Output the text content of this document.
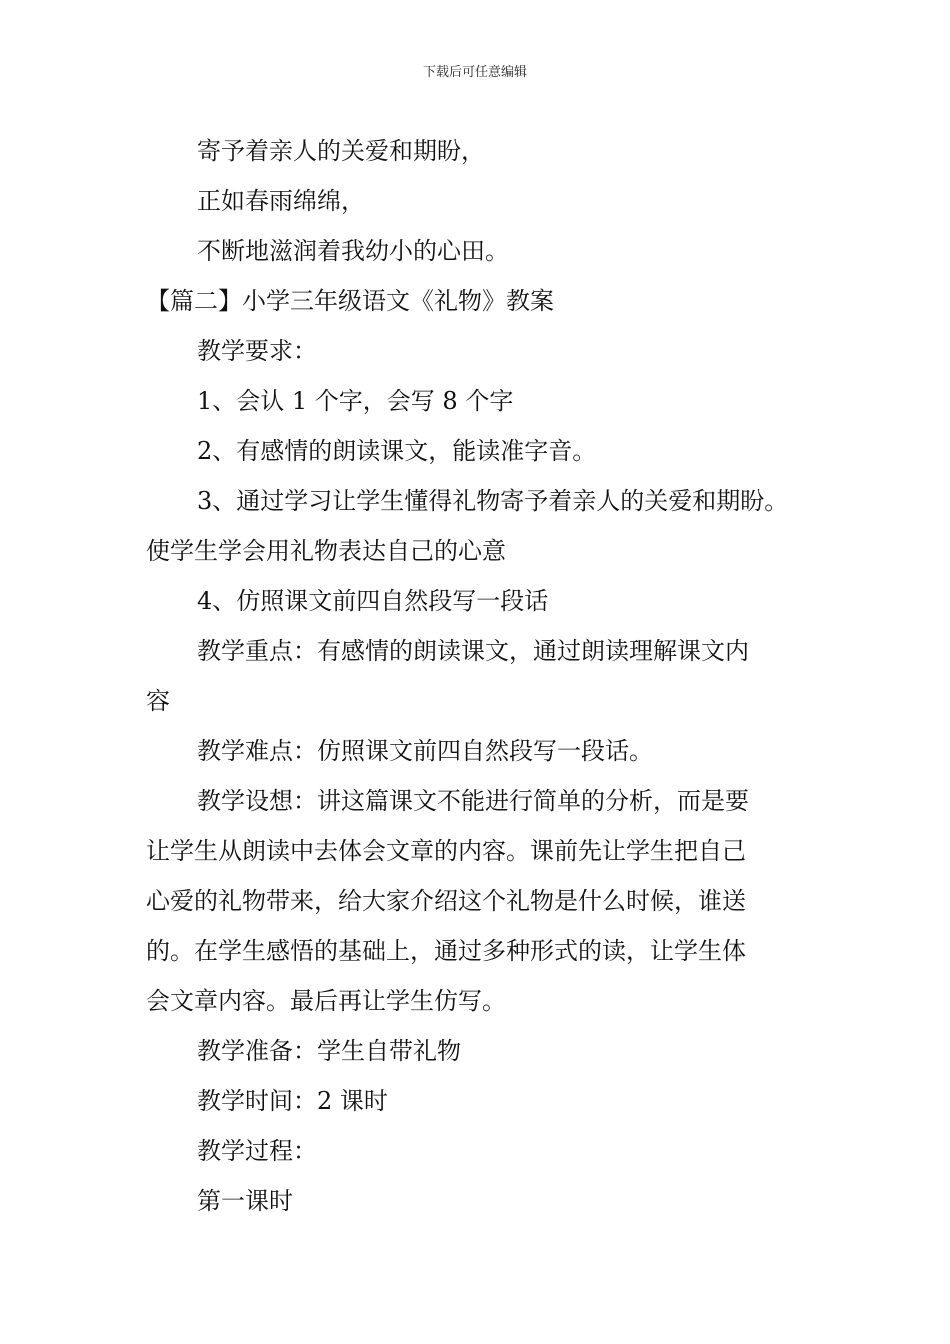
下载后可任意编辑
寄予着亲人的关爱和期盼，
正如春雨绵绵，
不断地滋润着我幼小的心田。
【篇二】小学三年级语文《礼物》教案
教学要求：
1、会认 1 个字，会写 8 个字
2、有感情的朗读课文，能读准字音。
3、通过学习让学生懂得礼物寄予着亲人的关爱和期盼。
使学生学会用礼物表达自己的心意
4、仿照课文前四自然段写一段话
教学重点：有感情的朗读课文，通过朗读理解课文内
容
教学难点：仿照课文前四自然段写一段话。
教学设想：讲这篇课文不能进行简单的分析，而是要
让学生从朗读中去体会文章的内容。课前先让学生把自己
心爱的礼物带来，给大家介绍这个礼物是什么时候，谁送
的。在学生感悟的基础上，通过多种形式的读，让学生体
会文章内容。最后再让学生仿写。
教学准备：学生自带礼物
教学时间：2 课时
教学过程：
第一课时
